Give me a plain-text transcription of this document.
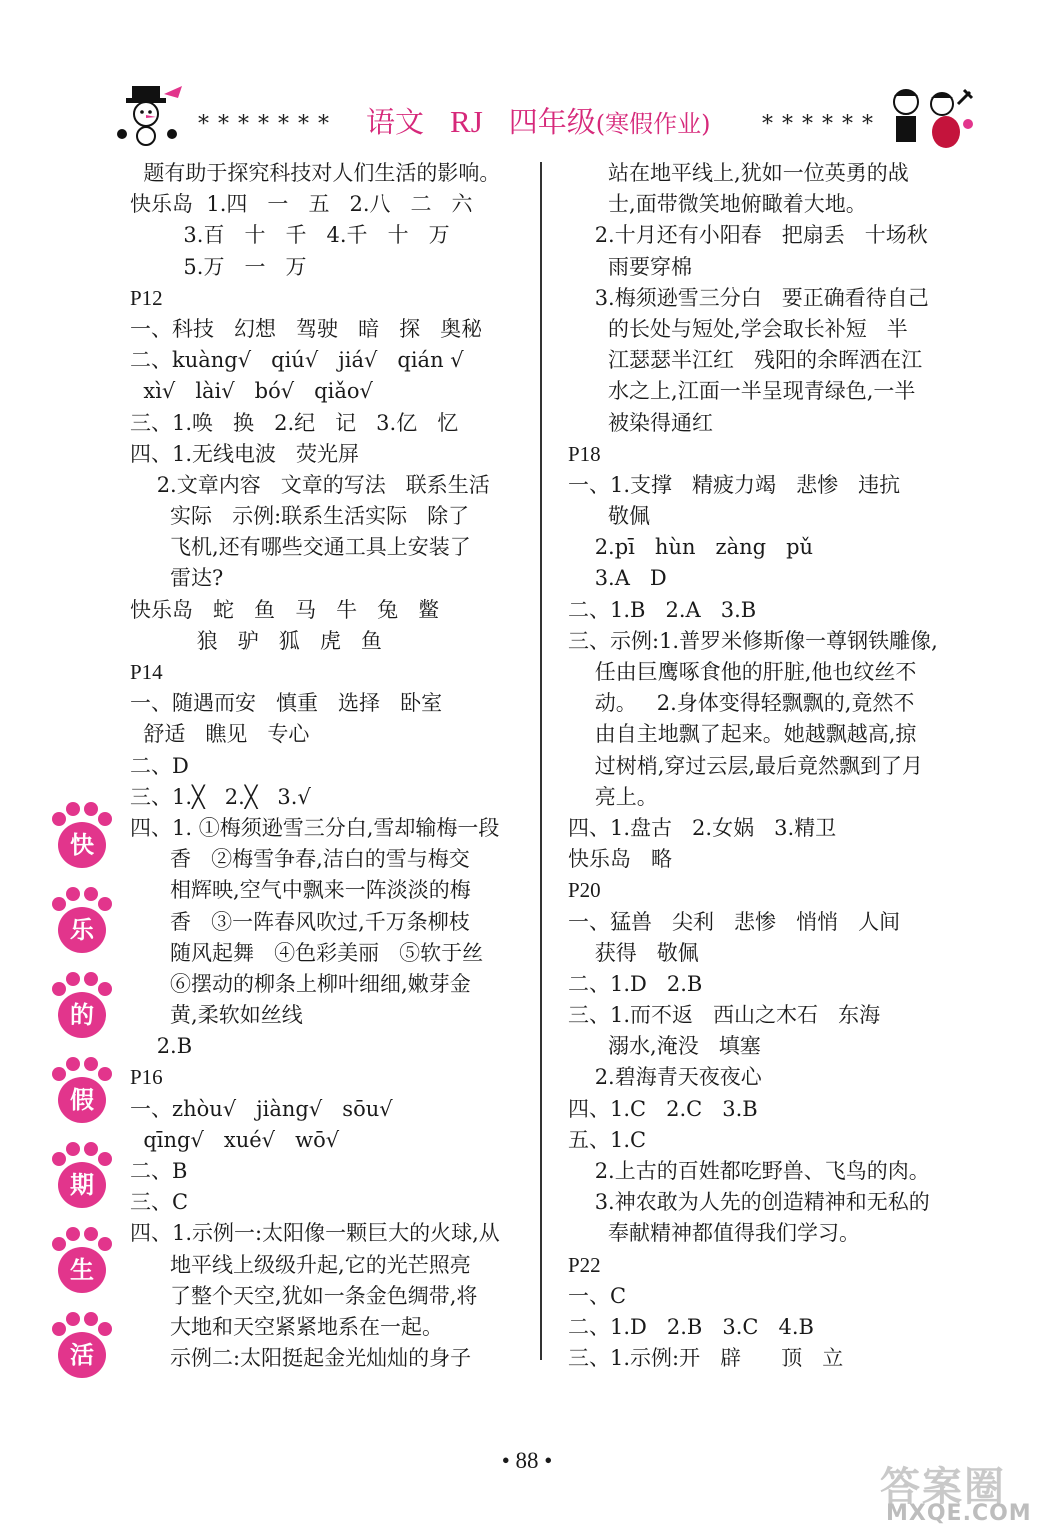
******* 语文 RJ 四年级(寒假作业) ******
题有助于探究科技对人们生活的影响。
快乐岛  1.四   一   五   2.八   二   六
3.百   十   千   4.千   十   万
5.万   一   万
P12
一、科技   幻想   驾驶   暗   探   奥秘
二、kuàng√   qiú√   jiá√   qián √
xì√   lài√   bó√   qiǎo√
三、1.唤   换   2.纪   记   3.亿   忆
四、1.无线电波   荧光屏
2.文章内容   文章的写法   联系生活
实际   示例:联系生活实际   除了
飞机,还有哪些交通工具上安装了
雷达?
快乐岛   蛇   鱼   马   牛   兔   鳖
狼   驴   狐   虎   鱼
P14
一、随遇而安   慎重   选择   卧室
舒适   瞧见   专心
二、D
三、1.╳   2.╳   3.√
四、1. ①梅须逊雪三分白,雪却输梅一段
香   ②梅雪争春,洁白的雪与梅交
相辉映,空气中飘来一阵淡淡的梅
香   ③一阵春风吹过,千万条柳枝
随风起舞   ④色彩美丽   ⑤软于丝
⑥摆动的柳条上柳叶细细,嫩芽金
黄,柔软如丝线
2.B
P16
一、zhòu√   jiàng√   sōu√
qīng√   xué√   wō√
二、B
三、C
四、1.示例一:太阳像一颗巨大的火球,从
地平线上级级升起,它的光芒照亮
了整个天空,犹如一条金色绸带,将
大地和天空紧紧地系在一起。
示例二:太阳挺起金光灿灿的身子
站在地平线上,犹如一位英勇的战
士,面带微笑地俯瞰着大地。
2.十月还有小阳春   把扇丢   十场秋
雨要穿棉
3.梅须逊雪三分白   要正确看待自己
的长处与短处,学会取长补短   半
江瑟瑟半江红   残阳的余晖洒在江
水之上,江面一半呈现青绿色,一半
被染得通红
P18
一、1.支撑   精疲力竭   悲惨   违抗
敬佩
2.pī   hùn   zàng   pǔ
3.A   D
二、1.B   2.A   3.B
三、示例:1.普罗米修斯像一尊钢铁雕像,
任由巨鹰啄食他的肝脏,他也纹丝不
动。   2.身体变得轻飘飘的,竟然不
由自主地飘了起来。她越飘越高,掠
过树梢,穿过云层,最后竟然飘到了月
亮上。
四、1.盘古   2.女娲   3.精卫
快乐岛   略
P20
一、猛兽   尖利   悲惨   悄悄   人间
获得   敬佩
二、1.D   2.B
三、1.而不返   西山之木石   东海
溺水,淹没   填塞
2.碧海青天夜夜心
四、1.C   2.C   3.B
五、1.C
2.上古的百姓都吃野兽、飞鸟的肉。
3.神农敢为人先的创造精神和无私的
奉献精神都值得我们学习。
P22
一、C
二、1.D   2.B   3.C   4.B
三、1.示例:开   辟      顶   立
快
乐
的
假
期
生
活
• 88 •
答案圈
MXQE.COM
